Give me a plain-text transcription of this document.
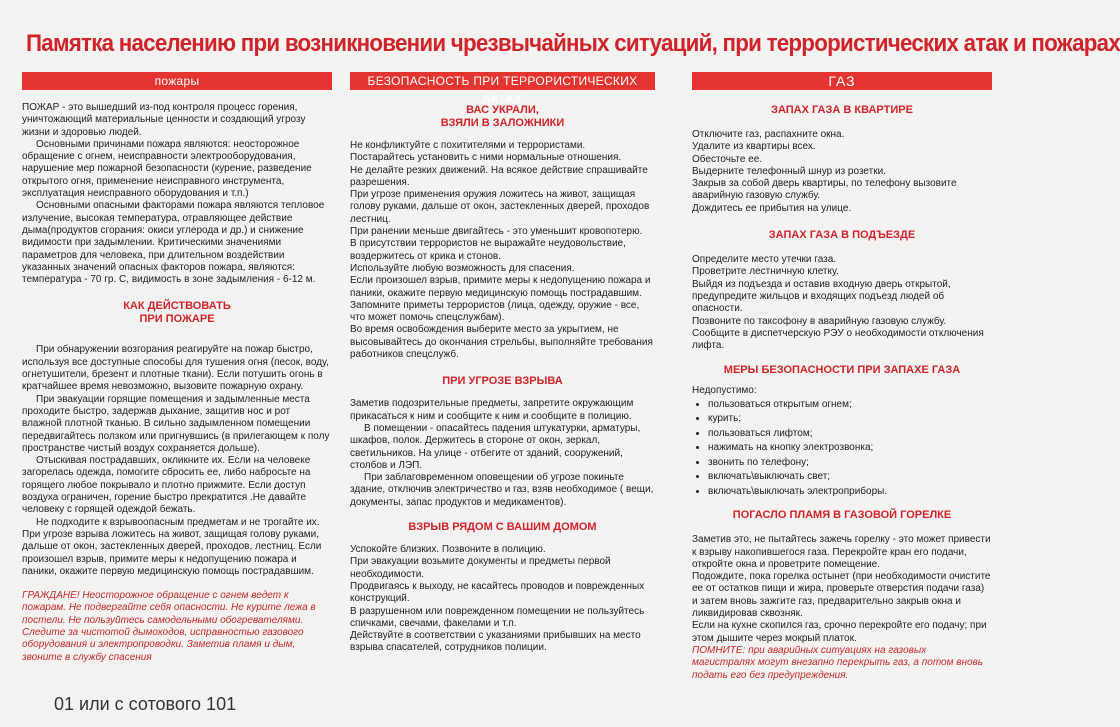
Памятка населению при возникновении чрезвычайных ситуаций, при террористических атак и пожарах
пожары

ПОЖАР - это вышедший из-под контроля процесс горения, уничтожающий материальные ценности и создающий угрозу жизни и здоровью людей.

Основными причинами пожара являются: неосторожное обращение с огнем, неисправности электрооборудования, нарушение мер пожарной безопасности (курение, разведение открытого огня, применение неисправного инструмента, эксплуатация неисправного оборудования и т.п.)

Основными опасными факторами пожара являются тепловое излучение, высокая температура, отравляющее действие дыма(продуктов сгорания: окиси углерода и др.) и снижение видимости при задымлении. Критическими значениями параметров для человека, при длительном воздействии указанных значений опасных факторов пожара, являются: температура - 70 гр. С, видимость в зоне задымления - 6-12 м.

КАК ДЕЙСТВОВАТЬ
ПРИ ПОЖАРЕ

При обнаружении возгорания реагируйте на пожар быстро, используя все доступные способы для тушения огня (песок, воду, огнетушители, брезент и плотные ткани). Если потушить огонь в кратчайшее время невозможно, вызовите пожарную охрану.

При эвакуации горящие помещения и задымленные места проходите быстро, задержав дыхание, защитив нос и рот влажной плотной тканью. В сильно задымленном помещении передвигайтесь ползком или пригнувшись (в прилегающем к полу пространстве чистый воздух сохраняется дольше).

Отыскивая пострадавших, окликните их. Если на человеке загорелась одежда, помогите сбросить ее, либо набросьте на горящего любое покрывало и плотно прижмите. Если доступ воздуха ограничен, горение быстро прекратится .Не давайте человеку с горящей одеждой бежать.

Не подходите к взрывоопасным предметам и не трогайте их. При угрозе взрыва ложитесь на живот, защищая голову руками, дальше от окон, застекленных дверей, проходов, лестниц. Если произошел взрыв, примите меры к недопущению пожара и паники, окажите первую медицинскую помощь пострадавшим.

ГРАЖДАНЕ! Неосторожное обращение с огнем ведет к пожарам. Не подвергайте себя опасности. Не курите лежа в постели. Не пользуйтесь самодельными обогревателями. Следите за чистотой дымоходов, исправностью газового оборудования и электропроводки. Заметив пламя и дым, звоните в службу спасения
01 или с сотового 101
БЕЗОПАСНОСТЬ ПРИ ТЕРРОРИСТИЧЕСКИХ АКТАХ
ВАС УКРАЛИ,
ВЗЯЛИ В ЗАЛОЖНИКИ

Не конфликтуйте с похитителями и террористами.

Постарайтесь установить с ними нормальные отношения.

Не делайте резких движений. На всякое действие спрашивайте разрешения.

При угрозе применения оружия ложитесь на живот, защищая голову руками, дальше от окон, застекленных дверей, проходов лестниц.

При ранении меньше двигайтесь - это уменьшит кровопотерю.

В присутствии террористов не выражайте неудовольствие, воздержитесь от крика и стонов.

Используйте любую возможность для спасения.

Если произошел взрыв, примите меры к недопущению пожара и паники, окажите первую медицинскую помощь пострадавшим.

Запомните приметы террористов (лица, одежду, оружие - все, что может помочь спецслужбам).

Во время освобождения выберите место за укрытием, не высовывайтесь до окончания стрельбы, выполняйте требования работников спецслужб.

ПРИ УГРОЗЕ ВЗРЫВА

Заметив подозрительные предметы, запретите окружающим прикасаться к ним и сообщите к ним и сообщите в полицию.

В помещении - опасайтесь падения штукатурки, арматуры, шкафов, полок. Держитесь в стороне от окон, зеркал, светильников. На улице - отбегите от зданий, сооружений, столбов и ЛЭП.

При заблаговременном оповещении об угрозе покиньте здание, отключив электричество и газ, взяв необходимое ( вещи, документы, запас продуктов и медикаментов).

ВЗРЫВ РЯДОМ С ВАШИМ ДОМОМ

Успокойте близких. Позвоните в полицию.

При эвакуации возьмите документы и предметы первой необходимости.

Продвигаясь к выходу, не касайтесь проводов и поврежденных конструкций.

В разрушенном или поврежденном помещении не пользуйтесь спичками, свечами, факелами и т.п.

Действуйте в соответствии с указаниями прибывших на место взрыва спасателей, сотрудников полиции.

ГАЗ
ЗАПАХ ГАЗА В КВАРТИРЕ

Отключите газ, распахните окна.

Удалите из квартиры всех.

Обесточьте ее.

Выдерните телефонный шнур из розетки.

Закрыв за собой дверь квартиры, по телефону вызовите аварийную газовую службу.

Дождитесь ее прибытия на улице.

ЗАПАХ ГАЗА В ПОДЪЕЗДЕ

Определите место утечки газа.

Проветрите лестничную клетку.

Выйдя из подъезда и оставив входную дверь открытой, предупредите жильцов и входящих подъезд людей об опасности.

Позвоните по таксофону в аварийную газовую службу.

Сообщите в диспетчерскую РЭУ о необходимости отключения лифта.

МЕРЫ БЕЗОПАСНОСТИ ПРИ ЗАПАХЕ ГАЗА

Недопустимо:

• пользоваться открытым огнем;
• курить;
• пользоваться лифтом;
• нажимать на кнопку электрозвонка;
• звонить по телефону;
• включать\выключать свет;
• включать\выключать электроприборы.
ПОГАСЛО ПЛАМЯ В ГАЗОВОЙ ГОРЕЛКЕ

Заметив это, не пытайтесь зажечь горелку - это может привести к взрыву накопившегося газа. Перекройте кран его подачи, откройте окна и проветрите помещение.

Подождите, пока горелка остынет (при необходимости очистите ее от остатков пищи и жира, проверьте отверстия подачи газа) и затем вновь зажгите газ, предварительно закрыв окна и ликвидировав сквозняк.

Если на кухне скопился газ, срочно перекройте его подачу; при этом дышите через мокрый платок.

ПОМНИТЕ: при аварийных ситуациях на газовых магистралях могут внезапно перекрыть газ, а потом вновь подать его без предупреждения.
